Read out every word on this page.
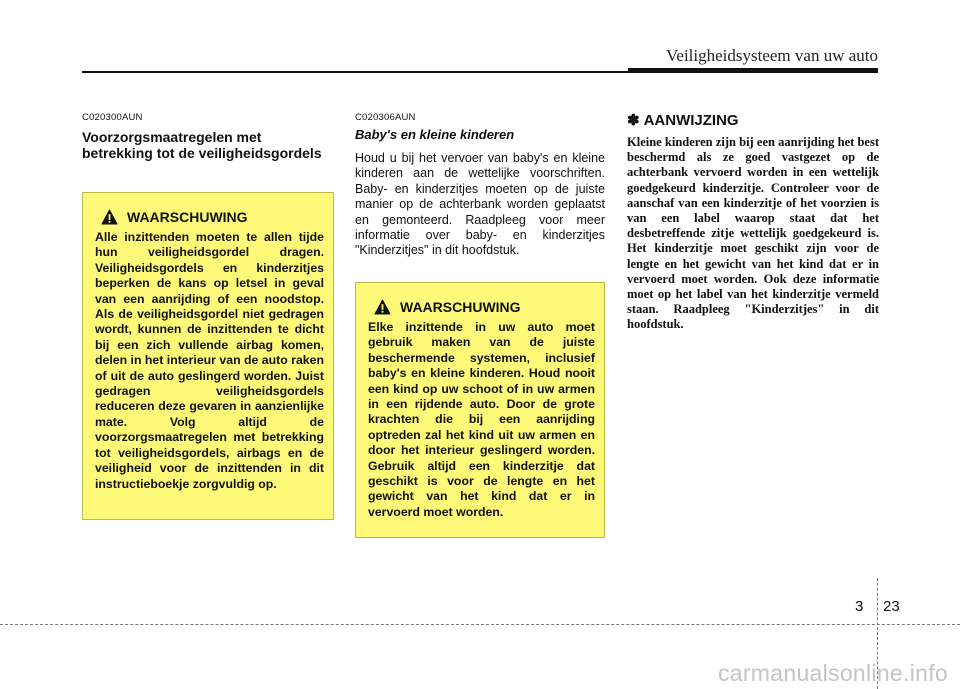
Veiligheidsysteem van uw auto
C020300AUN
Voorzorgsmaatregelen met betrekking tot de veiligheidsgordels
WAARSCHUWING
Alle inzittenden moeten te allen tijde hun veiligheidsgordel dragen. Veiligheidsgordels en kinderzitjes beperken de kans op letsel in geval van een aanrijding of een noodstop. Als de veiligheidsgordel niet gedragen wordt, kunnen de inzittenden te dicht bij een zich vullende airbag komen, delen in het interieur van de auto raken of uit de auto geslingerd worden. Juist gedragen veiligheidsgordels reduceren deze gevaren in aanzienlijke mate. Volg altijd de voorzorgsmaatregelen met betrekking tot veiligheidsgordels, airbags en de veiligheid voor de inzittenden in dit instructieboekje zorgvuldig op.
C020306AUN
Baby's en kleine kinderen
Houd u bij het vervoer van baby's en kleine kinderen aan de wettelijke voorschriften. Baby- en kinderzitjes moeten op de juiste manier op de achterbank worden geplaatst en gemonteerd. Raadpleeg voor meer informatie over baby- en kinderzitjes "Kinderzitjes" in dit hoofdstuk.
WAARSCHUWING
Elke inzittende in uw auto moet gebruik maken van de juiste beschermende systemen, inclusief baby's en kleine kinderen. Houd nooit een kind op uw schoot of in uw armen in een rijdende auto. Door de grote krachten die bij een aanrijding optreden zal het kind uit uw armen en door het interieur geslingerd worden. Gebruik altijd een kinderzitje dat geschikt is voor de lengte en het gewicht van het kind dat er in vervoerd moet worden.
✽ AANWIJZING
Kleine kinderen zijn bij een aanrijding het best beschermd als ze goed vastgezet op de achterbank vervoerd worden in een wettelijk goedgekeurd kinderzitje. Controleer voor de aanschaf van een kinderzitje of het voorzien is van een label waarop staat dat het desbetreffende zitje wettelijk goedgekeurd is. Het kinderzitje moet geschikt zijn voor de lengte en het gewicht van het kind dat er in vervoerd moet worden. Ook deze informatie moet op het label van het kinderzitje vermeld staan. Raadpleeg "Kinderzitjes" in dit hoofdstuk.
3 23
carmanualsonline.info
